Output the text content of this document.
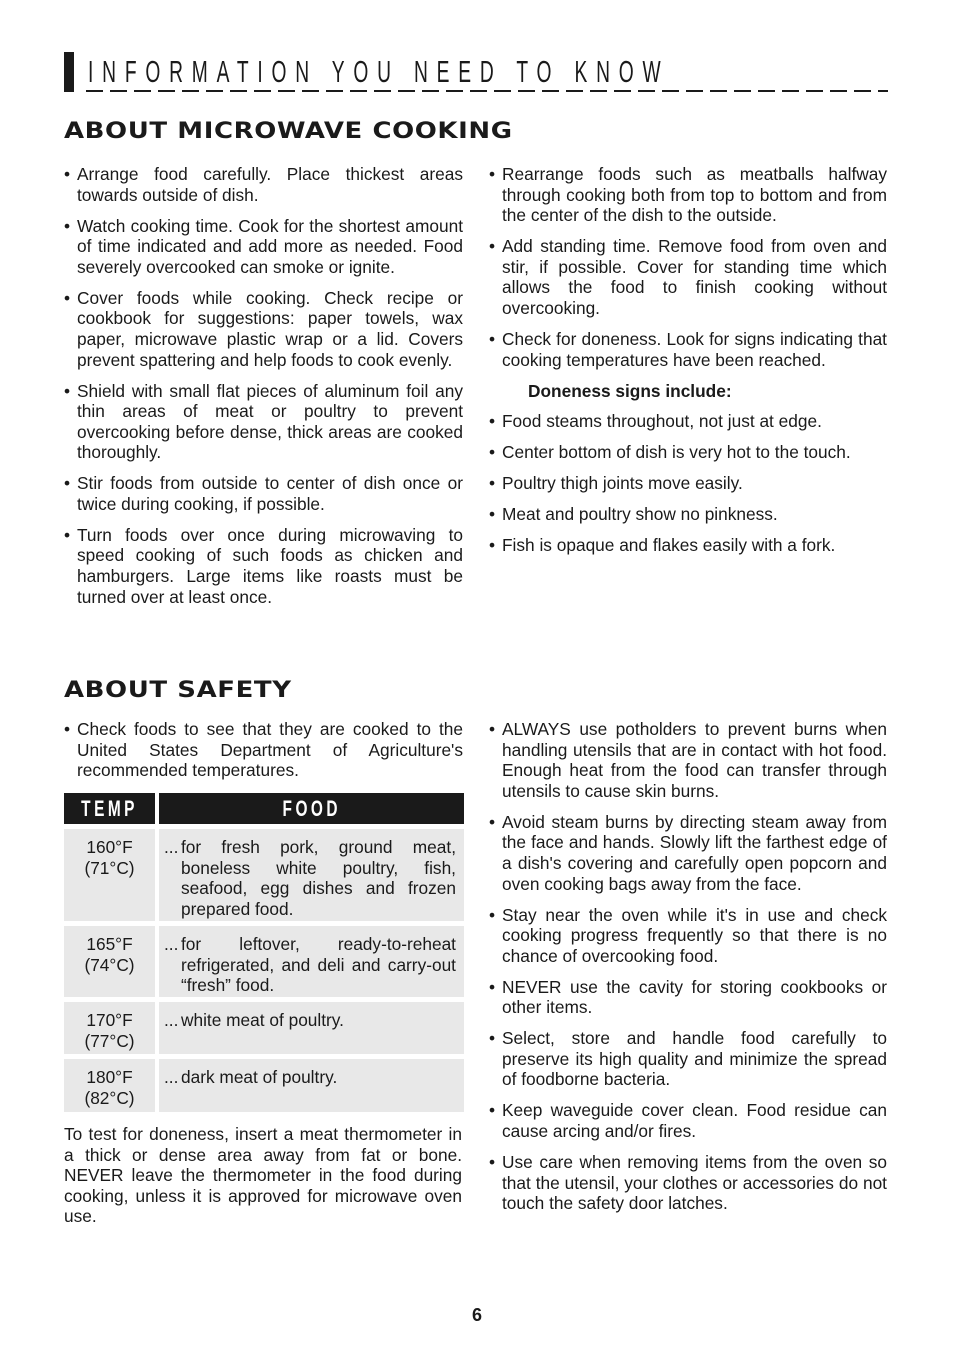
INFORMATION YOU NEED TO KNOW
ABOUT MICROWAVE COOKING
• Arrange food carefully. Place thickest areas towards outside of dish.
• Watch cooking time. Cook for the shortest amount of time indicated and add more as needed. Food severely overcooked can smoke or ignite.
• Cover foods while cooking. Check recipe or cookbook for suggestions: paper towels, wax paper, microwave plastic wrap or a lid. Covers prevent spattering and help foods to cook evenly.
• Shield with small flat pieces of aluminum foil any thin areas of meat or poultry to prevent overcooking before dense, thick areas are cooked thoroughly.
• Stir foods from outside to center of dish once or twice during cooking, if possible.
• Turn foods over once during microwaving to speed cooking of such foods as chicken and hamburgers. Large items like roasts must be turned over at least once.
• Rearrange foods such as meatballs halfway through cooking both from top to bottom and from the center of the dish to the outside.
• Add standing time. Remove food from oven and stir, if possible. Cover for standing time which allows the food to finish cooking without overcooking.
• Check for doneness. Look for signs indicating that cooking temperatures have been reached.
Doneness signs include:
• Food steams throughout, not just at edge.
• Center bottom of dish is very hot to the touch.
• Poultry thigh joints move easily.
• Meat and poultry show no pinkness.
• Fish is opaque and flakes easily with a fork.
ABOUT SAFETY
• Check foods to see that they are cooked to the United States Department of Agriculture's recommended temperatures.
TEMP	FOOD
160°F
(71°C)
... for fresh pork, ground meat, boneless white poultry, fish, seafood, egg dishes and frozen prepared food.
165°F
(74°C)
... for leftover, ready-to-reheat refrigerated, and deli and carry-out “fresh” food.
170°F
(77°C)
... white meat of poultry.
180°F
(82°C)
... dark meat of poultry.
To test for doneness, insert a meat thermometer in a thick or dense area away from fat or bone. NEVER leave the thermometer in the food during cooking, unless it is approved for microwave oven use.
• ALWAYS use potholders to prevent burns when handling utensils that are in contact with hot food. Enough heat from the food can transfer through utensils to cause skin burns.
• Avoid steam burns by directing steam away from the face and hands. Slowly lift the farthest edge of a dish's covering and carefully open popcorn and oven cooking bags away from the face.
• Stay near the oven while it's in use and check cooking progress frequently so that there is no chance of overcooking food.
• NEVER use the cavity for storing cookbooks or other items.
• Select, store and handle food carefully to preserve its high quality and minimize the spread of foodborne bacteria.
• Keep waveguide cover clean. Food residue can cause arcing and/or fires.
• Use care when removing items from the oven so that the utensil, your clothes or accessories do not touch the safety door latches.
6
